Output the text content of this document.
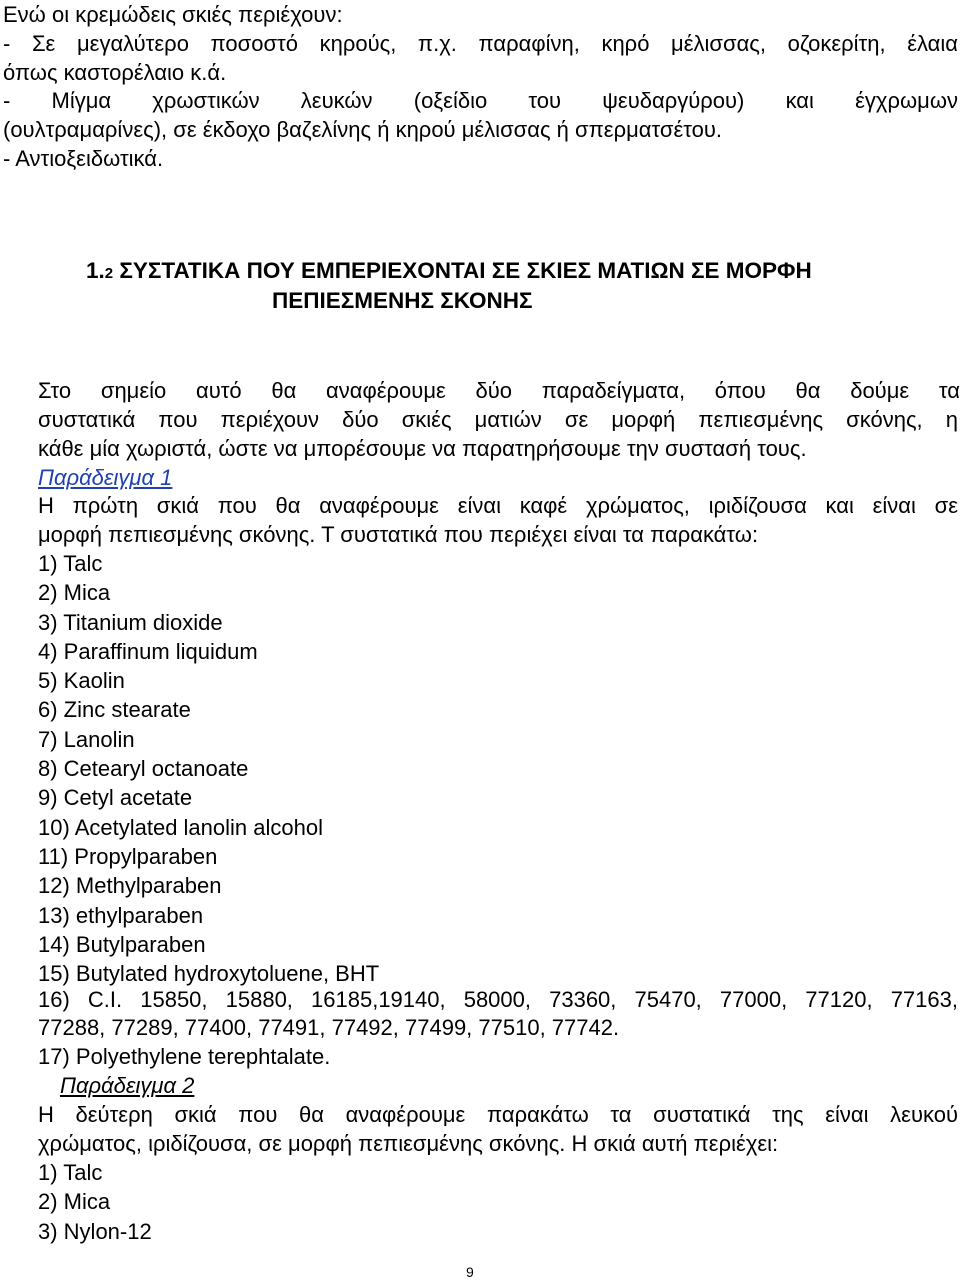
Ενώ οι κρεμώδεις σκιές περιέχουν:
- Σε μεγαλύτερο ποσοστό κηρούς, π.χ. παραφίνη, κηρό μέλισσας, οζοκερίτη, έλαια
όπως καστορέλαιο κ.ά.
- Μίγμα χρωστικών λευκών (οξείδιο του ψευδαργύρου) και έγχρωμων
(ουλτραμαρίνες), σε έκδοχο βαζελίνης ή κηρού μέλισσας ή σπερματσέτου.
- Αντιοξειδωτικά.
1.2 ΣΥΣΤΑΤΙΚΑ ΠΟΥ ΕΜΠΕΡΙΕΧΟΝΤΑΙ ΣΕ ΣΚΙΕΣ ΜΑΤΙΩΝ ΣΕ ΜΟΡΦΗ
ΠΕΠΙΕΣΜΕΝΗΣ ΣΚΟΝΗΣ
Στο σημείο αυτό θα αναφέρουμε δύο παραδείγματα, όπου θα δούμε τα
συστατικά που περιέχουν δύο σκιές ματιών σε μορφή πεπιεσμένης σκόνης, η
κάθε μία χωριστά, ώστε να μπορέσουμε να παρατηρήσουμε την συστασή τους.
Παράδειγμα 1
Η πρώτη σκιά που θα αναφέρουμε είναι καφέ χρώματος, ιριδίζουσα και είναι σε
μορφή πεπιεσμένης σκόνης. Τ συστατικά που περιέχει είναι τα παρακάτω:
1) Talc
2) Mica
3) Titanium dioxide
4) Paraffinum liquidum
5) Kaolin
6) Zinc stearate
7) Lanolin
8) Cetearyl octanoate
9) Cetyl acetate
10) Acetylated lanolin alcohol
11) Propylparaben
12) Methylparaben
13) ethylparaben
14) Butylparaben
15) Butylated hydroxytoluene, BHT
16) C.I. 15850, 15880, 16185,19140, 58000, 73360, 75470, 77000, 77120, 77163,
77288, 77289, 77400, 77491, 77492, 77499, 77510, 77742.
17) Polyethylene terephtalate.
Παράδειγμα 2
Η δεύτερη σκιά που θα αναφέρουμε παρακάτω τα συστατικά της είναι λευκού
χρώματος, ιριδίζουσα, σε μορφή πεπιεσμένης σκόνης. Η σκιά αυτή περιέχει:
1) Talc
2) Mica
3) Nylon-12
9
